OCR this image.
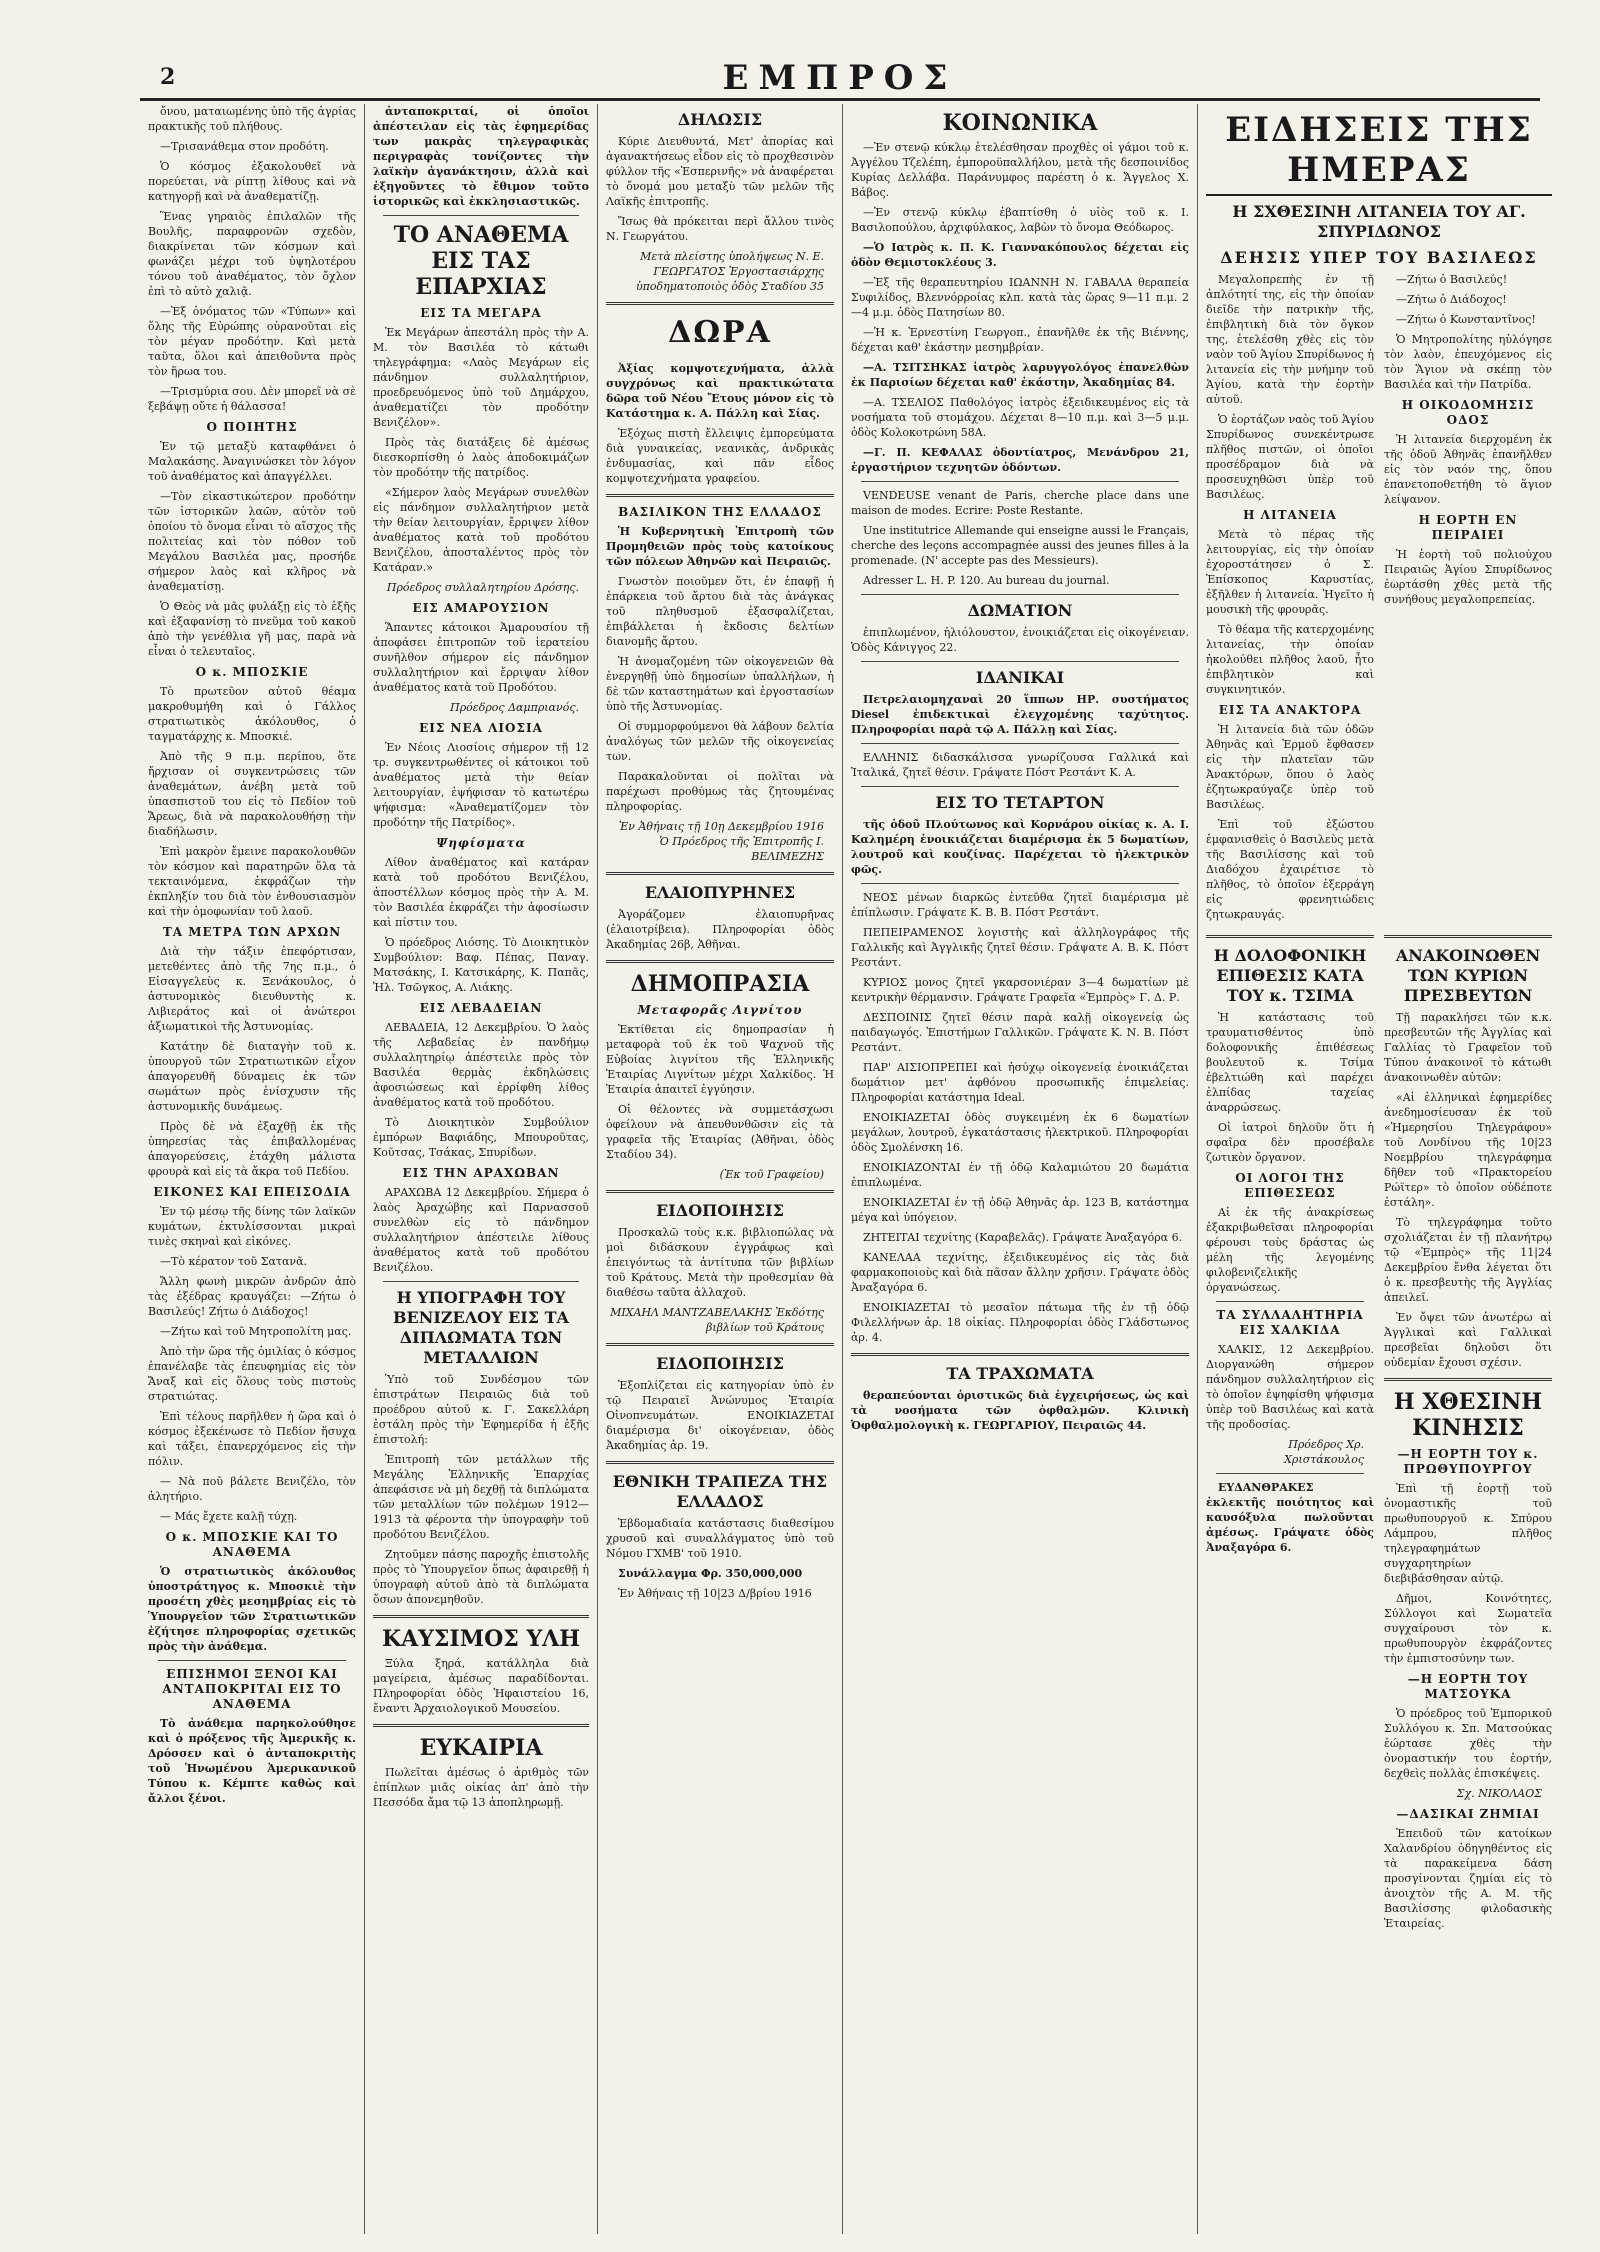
2	ΕΜΠΡΟΣ

ὄνου, ματαιωμένης ὑπὸ τῆς ἀγρίας πρακτικῆς τοῦ πλήθους.

—Τρισανάθεμα στον προδότη.

Ὁ κόσμος ἐξακολουθεῖ νὰ πορεύεται, νὰ ρίπτῃ λίθους καὶ νὰ κατηγορῇ καὶ νὰ ἀναθεματίζῃ.

Ἕνας γηραιὸς ἐπιλαλῶν τῆς Βουλῆς, παραφρονῶν σχεδὸν, διακρίνεται τῶν κόσμων καὶ φωνάζει μέχρι τοῦ ὑψηλοτέρου τόνου τοῦ ἀναθέματος, τὸν ὄχλον ἐπὶ τὸ αὐτὸ χαλιᾷ.

—Ἐξ ὀνόματος τῶν «Τύπων» καὶ ὅλης τῆς Εὐρώπης οὐρανοῦται εἰς τὸν μέγαν προδότην. Καὶ μετὰ ταῦτα, ὅλοι καὶ ἀπειθοῦντα πρὸς τὸν ἥρωα του.

—Τρισμύρια σου. Δὲν μπορεῖ νὰ σὲ ξεβάψῃ οὔτε ἡ θάλασσα!

Ο ΠΟΙΗΤΗΣ

Ἐν τῷ μεταξὺ καταφθάνει ὁ Μαλακάσης. Ἀναγινώσκει τὸν λόγον τοῦ ἀναθέματος καὶ ἀπαγγέλλει.

—Τὸν εἰκαστικώτερον προδότην τῶν ἱστορικῶν λαῶν, αὐτὸν τοῦ ὁποίου τὸ ὄνομα εἶναι τὸ αἴσχος τῆς πολιτείας καὶ τὸν πόθον τοῦ Μεγάλου Βασιλέα μας, προσήδε σήμερον λαὸς καὶ κλῆρος νὰ ἀναθεματίσῃ.

Ὁ Θεὸς νὰ μᾶς φυλάξῃ εἰς τὸ ἑξῆς καὶ ἐξαφανίσῃ τὸ πνεῦμα τοῦ κακοῦ ἀπὸ τὴν γενέθλια γῆ μας, παρὰ νὰ εἶναι ὁ τελευταῖος.

Ο κ. ΜΠΟΣΚΙΕ

Τὸ πρωτεῦον αὐτοῦ θέαμα μακροθυμήθη καὶ ὁ Γάλλος στρατιωτικὸς ἀκόλουθος, ὁ ταγματάρχης κ. Μποσκιέ.

Ἀπὸ τῆς 9 π.μ. περίπου, ὅτε ἤρχισαν οἱ συγκεντρώσεις τῶν ἀναθεμάτων, ἀνέβη μετὰ τοῦ ὑπασπιστοῦ του εἰς τὸ Πεδίον τοῦ Ἄρεως, διὰ νὰ παρακολουθήσῃ τὴν διαδήλωσιν.

Ἐπὶ μακρὸν ἔμεινε παρακολουθῶν τὸν κόσμον καὶ παρατηρῶν ὅλα τὰ τεκταινόμενα, ἐκφράζων τὴν ἐκπληξίν του διὰ τὸν ἐνθουσιασμὸν καὶ τὴν ὁμοφωνίαν τοῦ λαοῦ.

ΤΑ ΜΕΤΡΑ ΤΩΝ ΑΡΧΩΝ

Διὰ τὴν τάξιν ἐπεφόρτισαν, μετεθέντες ἀπὸ τῆς 7ης π.μ., ὁ Εἰσαγγελεὺς κ. Ξενάκουλος, ὁ ἀστυνομικὸς διευθυντὴς κ. Λιβιεράτος καὶ οἱ ἀνώτεροι ἀξιωματικοὶ τῆς Ἀστυνομίας.

Κατάτην δὲ διαταγὴν τοῦ κ. ὑπουργοῦ τῶν Στρατιωτικῶν εἶχον ἀπαγορευθῆ δύναμεις ἐκ τῶν σωμάτων πρὸς ἐνίσχυσιν τῆς ἀστυνομικῆς δυνάμεως.

Πρὸς δὲ νὰ ἐξαχθῇ ἐκ τῆς ὑπηρεσίας τὰς ἐπιβαλλομένας ἀπαγορεύσεις, ἐτάχθη μάλιστα φρουρὰ καὶ εἰς τὰ ἄκρα τοῦ Πεδίου.

ΕΙΚΟΝΕΣ ΚΑΙ ΕΠΕΙΣΟΔΙΑ

Ἐν τῷ μέσῳ τῆς δίνης τῶν λαϊκῶν κυμάτων, ἐκτυλίσσονται μικραὶ τινὲς σκηναὶ καὶ εἰκόνες.

—Τὸ κέρατον τοῦ Σατανᾶ.

Ἄλλη φωνὴ μικρῶν ἀνδρῶν ἀπὸ τὰς ἐξέδρας κραυγάζει: —Ζήτω ὁ Βασιλεύς! Ζήτω ὁ Διάδοχος!

—Ζήτω καὶ τοῦ Μητροπολίτη μας.

Ἀπὸ τὴν ὥρα τῆς ὁμιλίας ὁ κόσμος ἐπανέλαβε τὰς ἐπευφημίας εἰς τὸν Ἄναξ καὶ εἰς ὅλους τοὺς πιστοὺς στρατιώτας.

Ἐπὶ τέλους παρῆλθεν ἡ ὥρα καὶ ὁ κόσμος ἐξεκένωσε τὸ Πεδίον ἥσυχα καὶ τάξει, ἐπανερχόμενος εἰς τὴν πόλιν.

— Νὰ ποῦ βάλετε Βενιζέλο, τὸν ἀλητήριο.

— Μάς ἔχετε καλῇ τύχῃ.

Ο κ. ΜΠΟΣΚΙΕ ΚΑΙ ΤΟ ΑΝΑΘΕΜΑ

Ὁ στρατιωτικὸς ἀκόλουθος ὑποστράτηγος κ. Μποσκιὲ τὴν προσέτη χθὲς μεσημβρίας εἰς τὸ Ὑπουργεῖον τῶν Στρατιωτικῶν ἐζήτησε πληροφορίας σχετικῶς πρὸς τὴν ἀνάθεμα.

ΕΠΙΣΗΜΟΙ ΞΕΝΟΙ ΚΑΙ ΑΝΤΑΠΟΚΡΙΤΑΙ ΕΙΣ ΤΟ ΑΝΑΘΕΜΑ

Τὸ ἀνάθεμα παρηκολούθησε καὶ ὁ πρόξενος τῆς Ἀμερικῆς κ. Δρόσσεν καὶ ὁ ἀνταποκριτὴς τοῦ Ἡνωμένου Ἀμερικανικοῦ Τύπου κ. Κέμπτε καθὼς καὶ ἄλλοι ξένοι.

ἀνταποκριταί, οἱ ὁποῖοι ἀπέστειλαν εἰς τὰς ἐφημερίδας των μακρὰς τηλεγραφικὰς περιγραφὰς τονίζοντες τὴν λαϊκὴν ἀγανάκτησιν, ἀλλὰ καὶ ἐξηγοῦντες τὸ ἔθιμον τοῦτο ἱστορικῶς καὶ ἐκκλησιαστικῶς.

ΤΟ ΑΝΑΘΕΜΑ ΕΙΣ ΤΑΣ ΕΠΑΡΧΙΑΣ
ΕΙΣ ΤΑ ΜΕΓΑΡΑ

Ἐκ Μεγάρων ἀπεστάλη πρὸς τὴν Α. Μ. τὸν Βασιλέα τὸ κάτωθι τηλεγράφημα: «Λαὸς Μεγάρων εἰς πάνδημον συλλαλητήριον, προεδρευόμενος ὑπὸ τοῦ Δημάρχου, ἀναθεματίζει τὸν προδότην Βενιζέλον».

Πρὸς τὰς διατάξεις δὲ ἀμέσως διεσκορπίσθη ὁ λαὸς ἀποδοκιμάζων τὸν προδότην τῆς πατρίδος.

«Σήμερον λαὸς Μεγάρων συνελθὼν εἰς πάνδημον συλλαλητήριον μετὰ τὴν θείαν λειτουργίαν, ἔρριψεν λίθον ἀναθέματος κατὰ τοῦ προδότου Βενιζέλου, ἀποσταλέντος πρὸς τὸν Κατάραν.»

Πρόεδρος συλλαλητηρίου Δρόσης.

ΕΙΣ ΑΜΑΡΟΥΣΙΟΝ

Ἅπαντες κάτοικοι Ἀμαρουσίου τῇ ἀποφάσει ἐπιτροπῶν τοῦ ἱερατείου συνῆλθον σήμερον εἰς πάνδημον συλλαλητήριον καὶ ἔρριψαν λίθον ἀναθέματος κατὰ τοῦ Προδότου.

Πρόεδρος Δαμπριανός.

ΕΙΣ ΝΕΑ ΛΙΟΣΙΑ

Ἐν Νέοις Λιοσίοις σήμερον τῇ 12 τρ. συγκεντρωθέντες οἱ κάτοικοι τοῦ ἀναθέματος μετὰ τὴν θείαν λειτουργίαν, ἐψήφισαν τὸ κατωτέρω ψήφισμα: «Ἀναθεματίζομεν τὸν προδότην τῆς Πατρίδος».

Ψηφίσματα

Λίθον ἀναθέματος καὶ κατάραν κατὰ τοῦ προδότου Βενιζέλου, ἀποστέλλων κόσμος πρὸς τὴν Α. Μ. τὸν Βασιλέα ἐκφράζει τὴν ἀφοσίωσιν καὶ πίστιν του.

Ὁ πρόεδρος Λιόσης. Τὸ Διοικητικὸν Συμβούλιον: Βαφ. Πέπας, Παναγ. Ματσάκης, Ι. Κατσικάρης, Κ. Παπᾶς, Ἠλ. Τσῶγκος, Α. Λιάκης.

ΕΙΣ ΛΕΒΑΔΕΙΑΝ

ΛΕΒΑΔΕΙΑ, 12 Δεκεμβρίου. Ὁ λαὸς τῆς Λεβαδείας ἐν πανδήμῳ συλλαλητηρίῳ ἀπέστειλε πρὸς τὸν Βασιλέα θερμὰς ἐκδηλώσεις ἀφοσιώσεως καὶ ἐρρίφθη λίθος ἀναθέματος κατὰ τοῦ προδότου.

Τὸ Διοικητικὸν Συμβούλιον ἐμπόρων Βαφιάδης, Μπουροῦτας, Κοῦτσας, Τσάκας, Σπυρίδων.

ΕΙΣ ΤΗΝ ΑΡΑΧΩΒΑΝ

ΑΡΑΧΩΒΑ 12 Δεκεμβρίου. Σήμερα ὁ λαὸς Ἀραχώβης καὶ Παρνασσοῦ συνελθὼν εἰς τὸ πάνδημον συλλαλητήριον ἀπέστειλε λίθους ἀναθέματος κατὰ τοῦ προδότου Βενιζέλου.

Η ΥΠΟΓΡΑΦΗ ΤΟΥ ΒΕΝΙΖΕΛΟΥ ΕΙΣ ΤΑ ΔΙΠΛΩΜΑΤΑ ΤΩΝ ΜΕΤΑΛΛΙΩΝ

Ὑπὸ τοῦ Συνδέσμου τῶν ἐπιστράτων Πειραιῶς διὰ τοῦ προέδρου αὐτοῦ κ. Γ. Σακελλάρη ἐστάλη πρὸς τὴν Ἐφημερίδα ἡ ἑξῆς ἐπιστολή:

Ἐπιτροπὴ τῶν μετάλλων τῆς Μεγάλης Ἑλληνικῆς Ἐπαρχίας ἀπεφάσισε νὰ μὴ δεχθῇ τὰ διπλώματα τῶν μεταλλίων τῶν πολέμων 1912—1913 τὰ φέροντα τὴν ὑπογραφὴν τοῦ προδότου Βενιζέλου.

Ζητοῦμεν πάσης παροχῆς ἐπιστολῆς πρὸς τὸ Ὑπουργεῖον ὅπως ἀφαιρεθῇ ἡ ὑπογραφὴ αὐτοῦ ἀπὸ τὰ διπλώματα ὅσων ἀπονεμηθοῦν.

ΚΑΥΣΙΜΟΣ ΥΛΗ

Ξύλα ξηρά, κατάλληλα διὰ μαγείρεια, ἀμέσως παραδίδονται. Πληροφορίαι ὁδὸς Ἡφαιστείου 16, ἔναντι Ἀρχαιολογικοῦ Μουσείου.

ΕΥΚΑΙΡΙΑ

Πωλεῖται ἀμέσως ὁ ἀριθμὸς τῶν ἐπίπλων μιᾶς οἰκίας ἀπ' ἀπὸ τὴν Πεσσόδα ἄμα τῷ 13 ἀποπληρωμῇ.

ΔΗΛΩΣΙΣ

Κύριε Διευθυντά, Μετ' ἀπορίας καὶ ἀγανακτήσεως εἶδον εἰς τὸ προχθεσινὸν φύλλον τῆς «Ἐσπερινῆς» νὰ ἀναφέρεται τὸ ὄνομά μου μεταξὺ τῶν μελῶν τῆς Λαϊκῆς ἐπιτροπῆς.

Ἴσως θὰ πρόκειται περὶ ἄλλου τινὸς Ν. Γεωργάτου.

Μετὰ πλείστης ὑπολήψεως Ν. Ε. ΓΕΩΡΓΑΤΟΣ Ἐργοστασιάρχης ὑποδηματοποιὸς ὁδὸς Σταδίου 35

ΔΩΡΑ

Ἀξίας κομψοτεχνήματα, ἀλλὰ συγχρόνως καὶ πρακτικώτατα δῶρα τοῦ Νέου Ἔτους μόνον εἰς τὸ Κατάστημα κ. Α. Πάλλη καὶ Σίας.

Ἐξόχως πιστὴ ἔλλειψις ἐμπορεύματα διὰ γυναικείας, νεανικὰς, ἀνδρικὰς ἐνδυμασίας, καὶ πᾶν εἶδος κομψοτεχνήματα γραφείου.

ΒΑΣΙΛΙΚΟΝ ΤΗΣ ΕΛΛΑΔΟΣ

Ἡ Κυβερνητικὴ Ἐπιτροπὴ τῶν Προμηθειῶν πρὸς τοὺς κατοίκους τῶν πόλεων Ἀθηνῶν καὶ Πειραιῶς.

Γνωστὸν ποιοῦμεν ὅτι, ἐν ἐπαφῇ ἡ ἐπάρκεια τοῦ ἄρτου διὰ τὰς ἀνάγκας τοῦ πληθυσμοῦ ἐξασφαλίζεται, ἐπιβάλλεται ἡ ἔκδοσις δελτίων διανομῆς ἄρτου.

Ἡ ἀνομαζομένη τῶν οἰκογενειῶν θὰ ἐνεργηθῇ ὑπὸ δημοσίων ὑπαλλήλων, ἡ δὲ τῶν καταστημάτων καὶ ἐργοστασίων ὑπὸ τῆς Ἀστυνομίας.

Οἱ συμμορφούμενοι θὰ λάβουν δελτία ἀναλόγως τῶν μελῶν τῆς οἰκογενείας των.

Παρακαλοῦνται οἱ πολῖται νὰ παρέχωσι προθύμως τὰς ζητουμένας πληροφορίας.

Ἐν Ἀθήναις τῇ 10ῃ Δεκεμβρίου 1916 Ὁ Πρόεδρος τῆς Ἐπιτροπῆς Ι. ΒΕΛΙΜΕΖΗΣ

ΕΛΑΙΟΠΥΡΗΝΕΣ

Ἀγοράζομεν ἐλαιοπυρῆνας (ἐλαιοτρίβεια). Πληροφορίαι ὁδὸς Ἀκαδημίας 26β, Ἀθῆναι.

ΔΗΜΟΠΡΑΣΙΑ
Μεταφορᾶς Λιγνίτου

Ἐκτίθεται εἰς δημοπρασίαν ἡ μεταφορὰ τοῦ ἐκ τοῦ Ψαχνοῦ τῆς Εὐβοίας λιγνίτου τῆς Ἑλληνικῆς Ἑταιρίας Λιγνίτων μέχρι Χαλκίδος. Ἡ Ἑταιρία ἀπαιτεῖ ἐγγύησιν.

Οἱ θέλοντες νὰ συμμετάσχωσι ὀφείλουν νὰ ἀπευθυνθῶσιν εἰς τὰ γραφεῖα τῆς Ἑταιρίας (Ἀθῆναι, ὁδὸς Σταδίου 34).

(Ἐκ τοῦ Γραφείου)

ΕΙΔΟΠΟΙΗΣΙΣ

Προσκαλῶ τοὺς κ.κ. βιβλιοπώλας νὰ μοὶ διδάσκουν ἐγγράφως καὶ ἐπειγόντως τὰ ἀντίτυπα τῶν βιβλίων τοῦ Κράτους. Μετὰ τὴν προθεσμίαν θὰ διαθέσω ταῦτα ἀλλαχοῦ.

ΜΙΧΑΗΛ ΜΑΝΤΖΑΒΕΛΑΚΗΣ Ἐκδότης βιβλίων τοῦ Κράτους

ΕΙΔΟΠΟΙΗΣΙΣ

Ἐξοπλίζεται εἰς κατηγορίαν ὑπὸ ἐν τῷ Πειραιεῖ Ἀνώνυμος Ἑταιρία Οἰνοπνευμάτων. ΕΝΟΙΚΙΑΖΕΤΑΙ διαμέρισμα δι' οἰκογένειαν, ὁδὸς Ἀκαδημίας ἀρ. 19.

ΕΘΝΙΚΗ ΤΡΑΠΕΖΑ ΤΗΣ ΕΛΛΑΔΟΣ

Ἑβδομαδιαία κατάστασις διαθεσίμου χρυσοῦ καὶ συναλλάγματος ὑπὸ τοῦ Νόμου ΓΧΜΒ' τοῦ 1910.

Συνάλλαγμα Φρ. 350,000,000

Ἐν Ἀθήναις τῇ 10|23 Δ/βρίου 1916

ΚΟΙΝΩΝΙΚΑ

—Ἐν στενῷ κύκλῳ ἐτελέσθησαν προχθὲς οἱ γάμοι τοῦ κ. Ἀγγέλου Τζελέπη, ἐμποροϋπαλλήλου, μετὰ τῆς δεσποινίδος Κυρίας Δελλάβα. Παράνυμφος παρέστη ὁ κ. Ἄγγελος Χ. Βάβος.

—Ἐν στενῷ κύκλῳ ἐβαπτίσθη ὁ υἱὸς τοῦ κ. Ι. Βασιλοπούλου, ἀρχιφύλακος, λαβὼν τὸ ὄνομα Θεόδωρος.

—Ὁ Ιατρὸς κ. Π. Κ. Γιαννακόπουλος δέχεται εἰς ὁδὸν Θεμιστοκλέους 3.

—Ἐξ τῆς θεραπευτηρίου ΙΩΑΝΝΗ Ν. ΓΑΒΑΛΑ θεραπεία Συφιλίδος, Βλεννόρροίας κλπ. κατὰ τὰς ὥρας 9—11 π.μ. 2—4 μ.μ. ὁδὸς Πατησίων 80.

—Ἡ κ. Ἐρνεστίνη Γεωργοπ., ἐπανῆλθε ἐκ τῆς Βιέννης, δέχεται καθ' ἑκάστην μεσημβρίαν.

—Α. ΤΣΙΤΣΗΚΑΣ ἰατρὸς λαρυγγολόγος ἐπανελθὼν ἐκ Παρισίων δέχεται καθ' ἑκάστην, Ἀκαδημίας 84.

—Α. ΤΣΕΛΙΟΣ Παθολόγος ἰατρὸς ἐξειδικευμένος εἰς τὰ νοσήματα τοῦ στομάχου. Δέχεται 8—10 π.μ. καὶ 3—5 μ.μ. ὁδὸς Κολοκοτρώνη 58Α.

—Γ. Π. ΚΕΦΑΛΑΣ ὀδοντίατρος, Μενάνδρου 21, ἐργαστήριον τεχνητῶν ὀδόντων.

VENDEUSE venant de Paris, cherche place dans une maison de modes. Ecrire: Poste Restante.

Une institutrice Allemande qui enseigne aussi le Français, cherche des leçons accompagnée aussi des jeunes filles à la promenade. (N' accepte pas des Messieurs).

Adresser L. H. P. 120. Au bureau du journal.

ΔΩΜΑΤΙΟΝ

ἐπιπλωμένον, ἡλιόλουστον, ἐνοικιάζεται εἰς οἰκογένειαν. Ὁδὸς Κάνιγγος 22.

ΙΔΑΝΙΚΑΙ

Πετρελαιομηχαναὶ 20 ἵππων ΗΡ. συστήματος Diesel ἐπιδεκτικαὶ ἐλεγχομένης ταχύτητος. Πληροφορίαι παρὰ τῷ Α. Πάλλῃ καὶ Σίας.

ΕΛΛΗΝΙΣ διδασκάλισσα γνωρίζουσα Γαλλικά καὶ Ἰταλικά, ζητεῖ θέσιν. Γράψατε Πόστ Ρεστάντ Κ. Α.

ΕΙΣ ΤΟ ΤΕΤΑΡΤΟΝ

τῆς ὁδοῦ Πλούτωνος καὶ Κορνάρου οἰκίας κ. Α. Ι. Καλημέρη ἐνοικιάζεται διαμέρισμα ἐκ 5 δωματίων, λουτροῦ καὶ κουζίνας. Παρέχεται τὸ ἠλεκτρικὸν φῶς.

ΝΕΟΣ μένων διαρκῶς ἐντεῦθα ζητεῖ διαμέρισμα μὲ ἐπίπλωσιν. Γράψατε Κ. Β. Β. Πόστ Ρεστάντ.

ΠΕΠΕΙΡΑΜΕΝΟΣ λογιστὴς καὶ ἀλληλογράφος τῆς Γαλλικῆς καὶ Ἀγγλικῆς ζητεῖ θέσιν. Γράψατε Α. Β. Κ. Πόστ Ρεστάντ.

ΚΥΡΙΟΣ μονος ζητεῖ γκαρσονιέραν 3—4 δωματίων μὲ κεντρικὴν θέρμανσιν. Γράψατε Γραφεῖα «Ἐμπρὸς» Γ. Δ. Ρ.

ΔΕΣΠΟΙΝΙΣ ζητεῖ θέσιν παρὰ καλῇ οἰκογενείᾳ ὡς παιδαγωγός. Ἐπιστήμων Γαλλικῶν. Γράψατε Κ. Ν. Β. Πόστ Ρεστάντ.

ΠΑΡ' ΑΙΣΙΟΠΡΕΠΕΙ καὶ ἡσύχῳ οἰκογενείᾳ ἐνοικιάζεται δωμάτιον μετ' ἀφθόνου προσωπικῆς ἐπιμελείας. Πληροφορίαι κατάστημα Ideal.

ΕΝΟΙΚΙΑΖΕΤΑΙ ὁδὸς συγκειμένη ἐκ 6 δωματίων μεγάλων, λουτροῦ, ἐγκατάστασις ἠλεκτρικοῦ. Πληροφορίαι ὁδὸς Σμολένσκη 16.

ΕΝΟΙΚΙΑΖΟΝΤΑΙ ἐν τῇ ὁδῷ Καλαμιώτου 20 δωμάτια ἐπιπλωμένα.

ΕΝΟΙΚΙΑΖΕΤΑΙ ἐν τῇ ὁδῷ Ἀθηνᾶς ἀρ. 123 Β, κατάστημα μέγα καὶ ὑπόγειον.

ΖΗΤΕΙΤΑΙ τεχνίτης (Καραβελᾶς). Γράψατε Ἀναξαγόρα 6.

ΚΑΝΕΛΑΑ τεχνίτης, ἐξειδικευμένος εἰς τὰς διὰ φαρμακοποιοὺς καὶ διὰ πᾶσαν ἄλλην χρῆσιν. Γράψατε ὁδὸς Ἀναξαγόρα 6.

ΕΝΟΙΚΙΑΖΕΤΑΙ τὸ μεσαῖον πάτωμα τῆς ἐν τῇ ὁδῷ Φιλελλήνων ἀρ. 18 οἰκίας. Πληροφορίαι ὁδὸς Γλάδστωνος ἀρ. 4.

ΤΑ ΤΡΑΧΩΜΑΤΑ

θεραπεύονται ὁριστικῶς διὰ ἐγχειρήσεως, ὡς καὶ τὰ νοσήματα τῶν ὀφθαλμῶν. Κλινικὴ Ὀφθαλμολογικὴ κ. ΓΕΩΡΓΑΡΙΟΥ, Πειραιῶς 44.

ΕΙΔΗΣΕΙΣ ΤΗΣ ΗΜΕΡΑΣ
Η ΣΧΘΕΣΙΝΗ ΛΙΤΑΝΕΙΑ ΤΟΥ ΑΓ. ΣΠΥΡΙΔΩΝΟΣ
ΔΕΗΣΙΣ ΥΠΕΡ ΤΟΥ ΒΑΣΙΛΕΩΣ

Μεγαλοπρεπὴς ἐν τῇ ἁπλότητί της, εἰς τὴν ὁποίαν διεῖδε τὴν πατρικὴν τῆς, ἐπιβλητικὴ διὰ τὸν ὄγκον της, ἐτελέσθη χθὲς εἰς τὸν ναὸν τοῦ Ἁγίου Σπυρίδωνος ἡ λιτανεία εἰς τὴν μνήμην τοῦ Ἁγίου, κατὰ τὴν ἑορτὴν αὐτοῦ.

Ὁ ἑορτάζων ναὸς τοῦ Ἁγίου Σπυρίδωνος συνεκέντρωσε πλῆθος πιστῶν, οἱ ὁποῖοι προσέδραμον διὰ νὰ προσευχηθῶσι ὑπὲρ τοῦ Βασιλέως.

Η ΛΙΤΑΝΕΙΑ

Μετὰ τὸ πέρας τῆς λειτουργίας, εἰς τὴν ὁποίαν ἐχοροστάτησεν ὁ Σ. Ἐπίσκοπος Καρυστίας, ἐξῆλθεν ἡ λιτανεία. Ἡγεῖτο ἡ μουσικὴ τῆς φρουρᾶς.

Τὸ θέαμα τῆς κατερχομένης λιτανείας, τὴν ὁποίαν ἠκολούθει πλῆθος λαοῦ, ἦτο ἐπιβλητικὸν καὶ συγκινητικόν.

ΕΙΣ ΤΑ ΑΝΑΚΤΟΡΑ

Ἡ λιτανεία διὰ τῶν ὁδῶν Ἀθηνᾶς καὶ Ἑρμοῦ ἔφθασεν εἰς τὴν πλατεῖαν τῶν Ἀνακτόρων, ὅπου ὁ λαὸς ἐζητωκραύγαζε ὑπὲρ τοῦ Βασιλέως.

Ἐπὶ τοῦ ἐξώστου ἐμφανισθεὶς ὁ Βασιλεὺς μετὰ τῆς Βασιλίσσης καὶ τοῦ Διαδόχου ἐχαιρέτισε τὸ πλῆθος, τὸ ὁποῖον ἐξερράγη εἰς φρενητιώδεις ζητωκραυγάς.

—Ζήτω ὁ Βασιλεύς!

—Ζήτω ὁ Διάδοχος!

—Ζήτω ὁ Κωνσταντῖνος!

Ὁ Μητροπολίτης ηὐλόγησε τὸν λαὸν, ἐπευχόμενος εἰς τὸν Ἅγιον νὰ σκέπῃ τὸν Βασιλέα καὶ τὴν Πατρίδα.

Η ΟΙΚΟΔΟΜΗΣΙΣ ΟΔΟΣ

Ἡ λιτανεία διερχομένη ἐκ τῆς ὁδοῦ Ἀθηνᾶς ἐπανῆλθεν εἰς τὸν ναόν της, ὅπου ἐπανετοποθετήθη τὸ ἅγιον λείψανον.

Η ΕΟΡΤΗ ΕΝ ΠΕΙΡΑΙΕΙ

Ἡ ἑορτὴ τοῦ πολιούχου Πειραιῶς Ἁγίου Σπυρίδωνος ἐωρτάσθη χθὲς μετὰ τῆς συνήθους μεγαλοπρεπείας.

Η ΔΟΛΟΦΟΝΙΚΗ ΕΠΙΘΕΣΙΣ ΚΑΤΑ ΤΟΥ κ. ΤΣΙΜΑ

Ἡ κατάστασις τοῦ τραυματισθέντος ὑπὸ δολοφονικῆς ἐπιθέσεως βουλευτοῦ κ. Τσίμα ἐβελτιώθη καὶ παρέχει ἐλπίδας ταχείας ἀναρρώσεως.

Οἱ ἰατροὶ δηλοῦν ὅτι ἡ σφαῖρα δὲν προσέβαλε ζωτικὸν ὄργανον.

ΟΙ ΛΟΓΟΙ ΤΗΣ ΕΠΙΘΕΣΕΩΣ

Αἱ ἐκ τῆς ἀνακρίσεως ἐξακριβωθεῖσαι πληροφορίαι φέρουσι τοὺς δράστας ὡς μέλη τῆς λεγομένης φιλοβενιζελικῆς ὀργανώσεως.

ΤΑ ΣΥΛΛΑΛΗΤΗΡΙΑ ΕΙΣ ΧΑΛΚΙΔΑ

ΧΑΛΚΙΣ, 12 Δεκεμβρίου. Διοργανώθη σήμερον πάνδημον συλλαλητήριον εἰς τὸ ὁποῖον ἐψηφίσθη ψήφισμα ὑπὲρ τοῦ Βασιλέως καὶ κατὰ τῆς προδοσίας.

Πρόεδρος Χρ. Χριστάκουλος

ΕΥΔΑΝΘΡΑΚΕΣ ἐκλεκτῆς ποιότητος καὶ καυσόξυλα πωλοῦνται ἀμέσως. Γράψατε ὁδὸς Ἀναξαγόρα 6.

ΑΝΑΚΟΙΝΩΘΕΝ ΤΩΝ ΚΥΡΙΩΝ ΠΡΕΣΒΕΥΤΩΝ

Τῇ παρακλήσει τῶν κ.κ. πρεσβευτῶν τῆς Ἀγγλίας καὶ Γαλλίας τὸ Γραφεῖον τοῦ Τύπου ἀνακοινοῖ τὸ κάτωθι ἀνακοινωθὲν αὐτῶν:

«Αἱ ἑλληνικαὶ ἐφημερίδες ἀνεδημοσίευσαν ἐκ τοῦ «Ἡμερησίου Τηλεγράφου» τοῦ Λονδίνου τῆς 10|23 Νοεμβρίου τηλεγράφημα δῆθεν τοῦ «Πρακτορείου Ρώϊτερ» τὸ ὁποῖον οὐδέποτε ἐστάλη».

Τὸ τηλεγράφημα τοῦτο σχολιάζεται ἐν τῇ πλανήτρῳ τῷ «Ἐμπρὸς» τῆς 11|24 Δεκεμβρίου ἔνθα λέγεται ὅτι ὁ κ. πρεσβευτὴς τῆς Ἀγγλίας ἀπειλεῖ.

Ἐν ὄψει τῶν ἀνωτέρω αἱ Ἀγγλικαὶ καὶ Γαλλικαὶ πρεσβεῖαι δηλοῦσι ὅτι οὐδεμίαν ἔχουσι σχέσιν.

Η ΧΘΕΣΙΝΗ ΚΙΝΗΣΙΣ
—Η ΕΟΡΤΗ ΤΟΥ κ. ΠΡΩΘΥΠΟΥΡΓΟΥ

Ἐπὶ τῇ ἑορτῇ τοῦ ὀνομαστικῆς τοῦ πρωθυπουργοῦ κ. Σπύρου Λάμπρου, πλῆθος τηλεγραφημάτων συγχαρητηρίων διεβιβάσθησαν αὐτῷ.

Δῆμοι, Κοινότητες, Σύλλογοι καὶ Σωματεῖα συγχαίρουσι τὸν κ. πρωθυπουργὸν ἐκφράζοντες τὴν ἐμπιστοσύνην των.

—Η ΕΟΡΤΗ ΤΟΥ ΜΑΤΣΟΥΚΑ

Ὁ πρόεδρος τοῦ Ἐμπορικοῦ Συλλόγου κ. Σπ. Ματσούκας ἑώρτασε χθὲς τὴν ὀνομαστικήν του ἑορτήν, δεχθεὶς πολλὰς ἐπισκέψεις.

Σχ. ΝΙΚΟΛΑΟΣ

—ΔΑΣΙΚΑΙ ΖΗΜΙΑΙ

Ἐπειδοῦ τῶν κατοίκων Χαλανδρίου ὁδηγηθέντος εἰς τὰ παρακείμενα δάση προσγίνονται ζημίαι εἰς τὸ ἀνοιχτὸν τῆς Α. Μ. τῆς Βασιλίσσης φιλοδασικὴς Ἑταιρείας.
